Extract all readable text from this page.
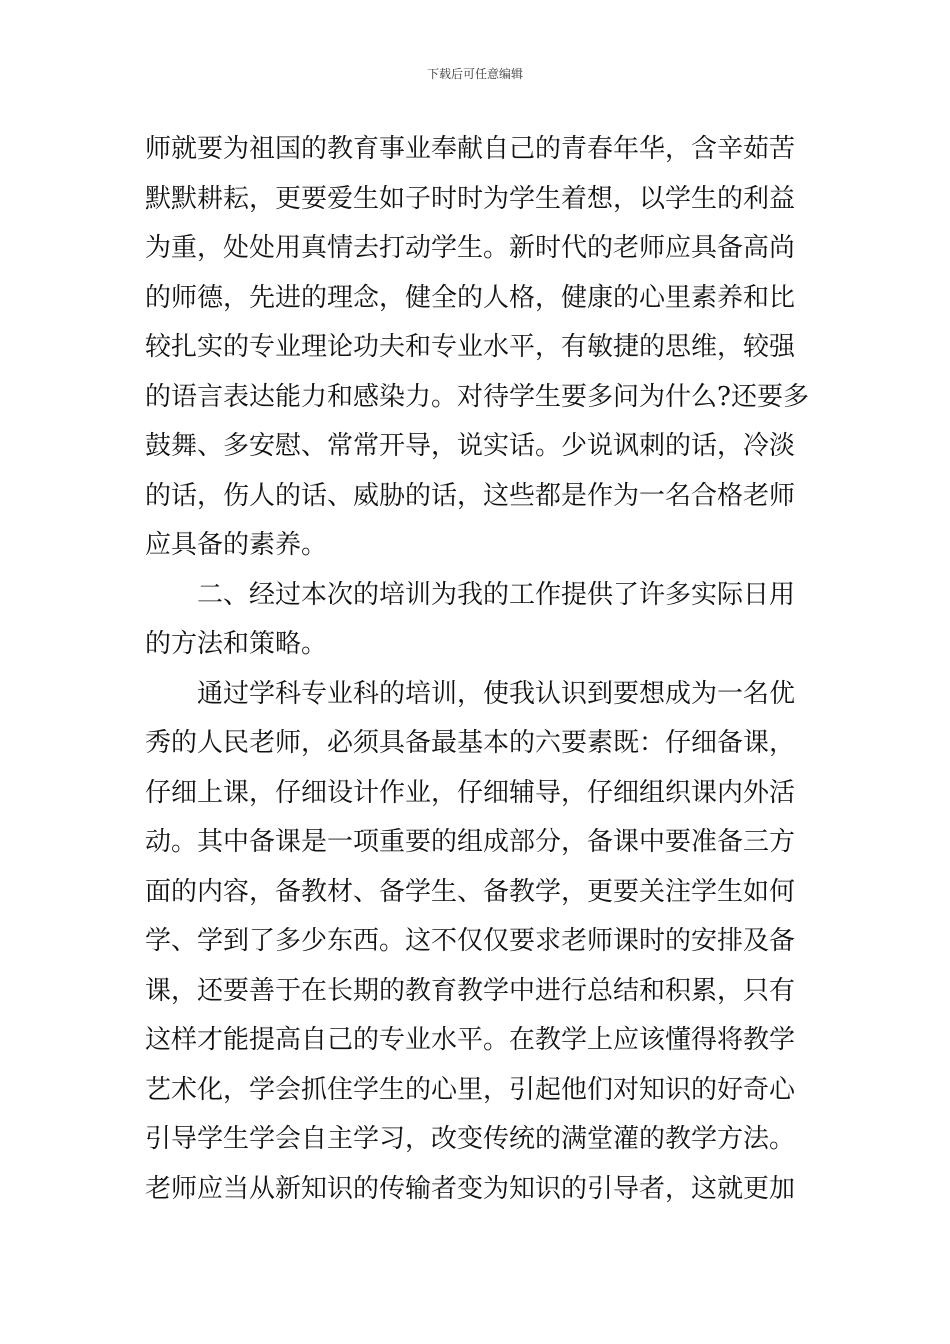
下载后可任意编辑
师就要为祖国的教育事业奉献自己的青春年华，含辛茹苦
默默耕耘，更要爱生如子时时为学生着想，以学生的利益
为重，处处用真情去打动学生。新时代的老师应具备高尚
的师德，先进的理念，健全的人格，健康的心里素养和比
较扎实的专业理论功夫和专业水平，有敏捷的思维，较强
的语言表达能力和感染力。对待学生要多问为什么?还要多
鼓舞、多安慰、常常开导，说实话。少说讽刺的话，冷淡
的话，伤人的话、威胁的话，这些都是作为一名合格老师
应具备的素养。
二、经过本次的培训为我的工作提供了许多实际日用
的方法和策略。
通过学科专业科的培训，使我认识到要想成为一名优
秀的人民老师，必须具备最基本的六要素既：仔细备课，
仔细上课，仔细设计作业，仔细辅导，仔细组织课内外活
动。其中备课是一项重要的组成部分，备课中要准备三方
面的内容，备教材、备学生、备教学，更要关注学生如何
学、学到了多少东西。这不仅仅要求老师课时的安排及备
课，还要善于在长期的教育教学中进行总结和积累，只有
这样才能提高自己的专业水平。在教学上应该懂得将教学
艺术化，学会抓住学生的心里，引起他们对知识的好奇心
引导学生学会自主学习，改变传统的满堂灌的教学方法。
老师应当从新知识的传输者变为知识的引导者，这就更加
